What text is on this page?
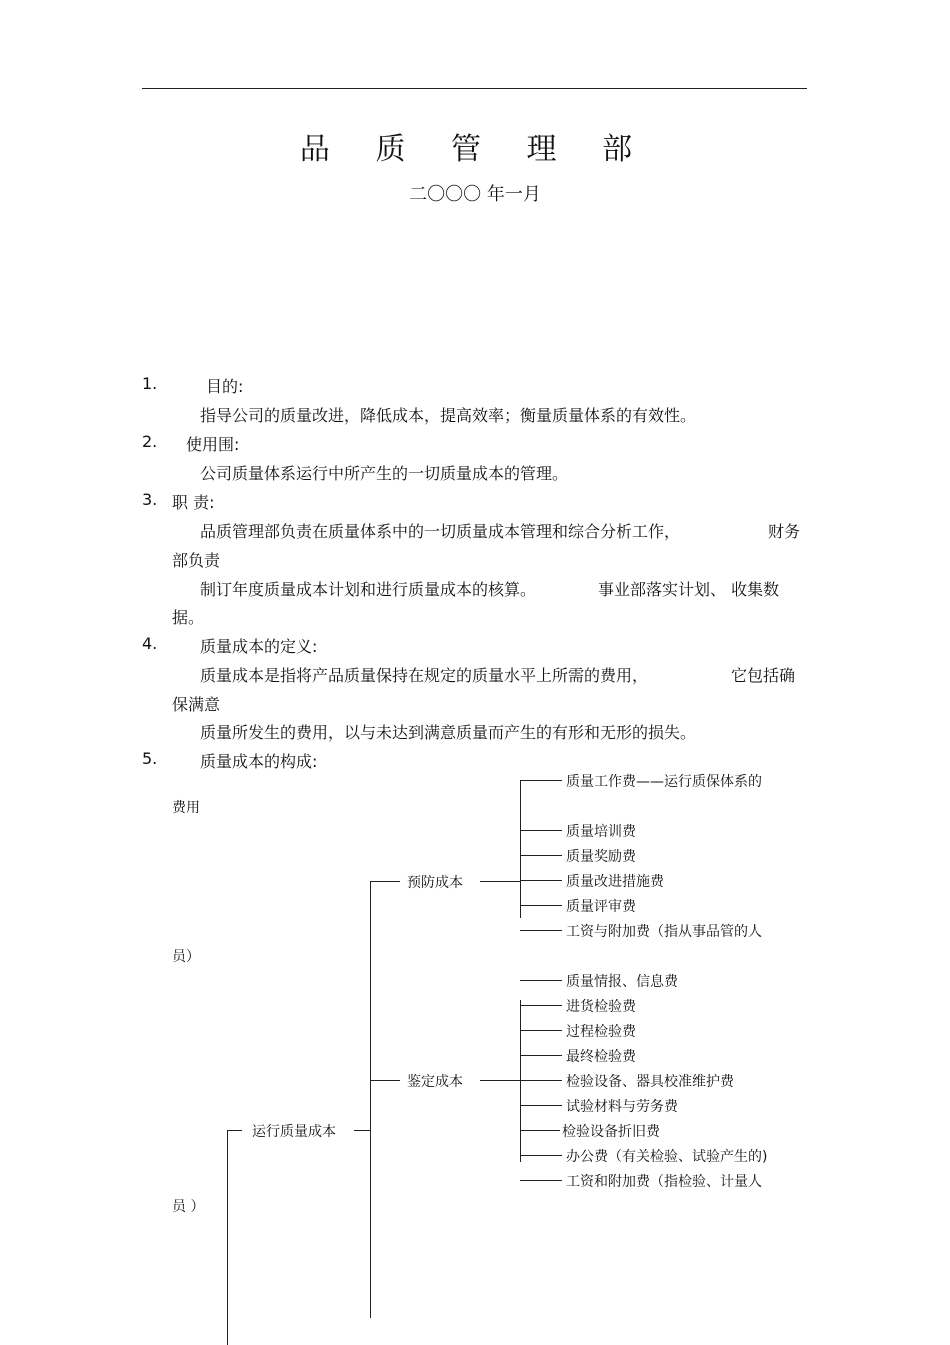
品 质 管 理 部
二〇〇〇 年一月
1.	目的:
指导公司的质量改进，降低成本，提高效率；衡量质量体系的有效性。
2. 使用围:
公司质量体系运行中所产生的一切质量成本的管理。
3. 职 责:
品质管理部负责在质量体系中的一切质量成本管理和综合分析工作，	财务
部负责
制订年度质量成本计划和进行质量成本的核算。	事业部落实计划、 收集数
据。
4.	质量成本的定义:
质量成本是指将产品质量保持在规定的质量水平上所需的费用，	它包括确
保满意
质量所发生的费用，以与未达到满意质量而产生的有形和无形的损失。
5.	质量成本的构成:
运行质量成本
预防成本
质量工作费——运行质保体系的
质量培训费
质量奖励费
质量改进措施费
质量评审费
工资与附加费（指从事品管的人
费用
员）
鉴定成本
质量情报、信息费
进货检验费
过程检验费
最终检验费
检验设备、器具校准维护费
试验材料与劳务费
检验设备折旧费
办公费（有关检验、试验产生的)
工资和附加费（指检验、计量人
员 ）
